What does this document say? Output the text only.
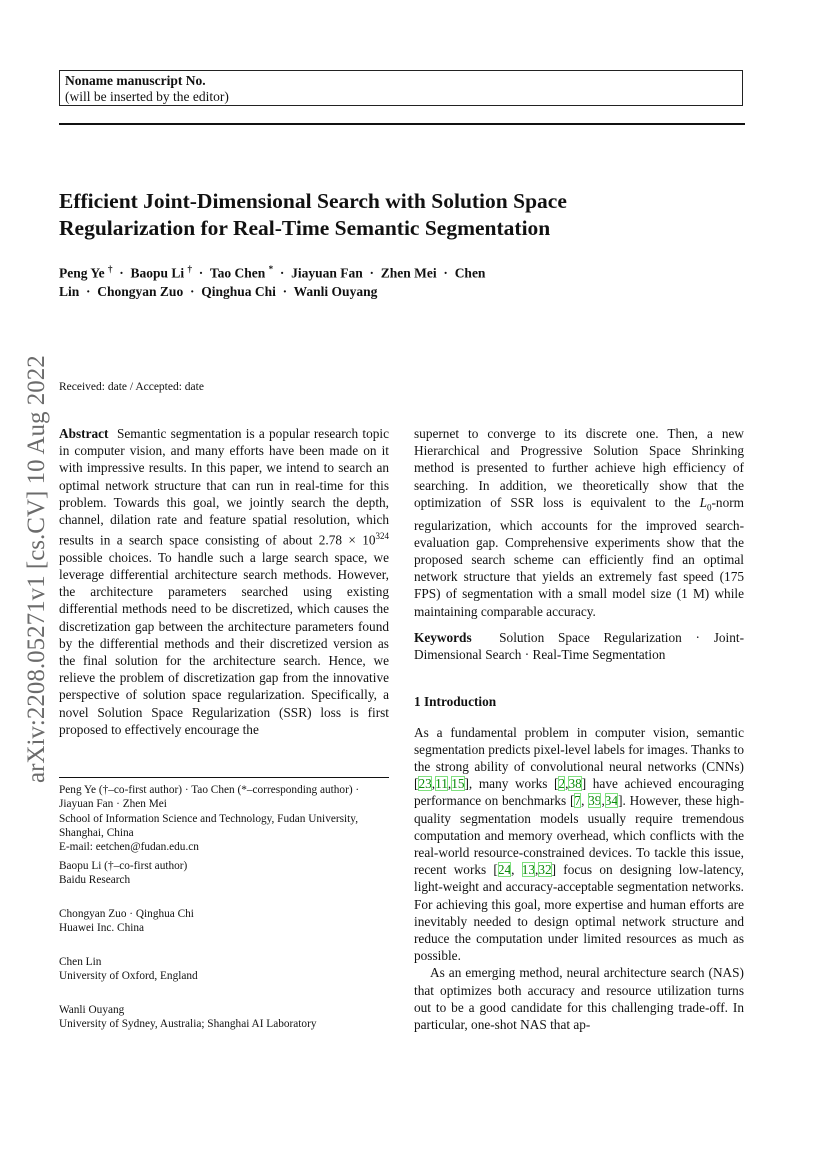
Noname manuscript No.
(will be inserted by the editor)
Efficient Joint-Dimensional Search with Solution Space
Regularization for Real-Time Semantic Segmentation
Peng Ye † · Baopu Li † · Tao Chen * · Jiayuan Fan · Zhen Mei · Chen
Lin · Chongyan Zuo · Qinghua Chi · Wanli Ouyang
arXiv:2208.05271v1 [cs.CV] 10 Aug 2022 Received: date / Accepted: date

Abstract Semantic segmentation is a popular research topic in computer vision, and many efforts have been made on it with impressive results. In this paper, we intend to search an optimal network structure that can run in real-time for this problem. Towards this goal, we jointly search the depth, channel, dilation rate and feature spatial resolution, which results in a search space consisting of about $2.78 \times 10^{324}$ possible choices. To handle such a large search space, we leverage differential architecture search methods. However, the architecture parameters searched using existing differential methods need to be discretized, which causes the discretization gap between the architecture parameters found by the differential methods and their discretized version as the final solution for the architecture search. Hence, we relieve the problem of discretization gap from the innovative perspective of solution space regularization. Specifically, a novel Solution Space Regularization (SSR) loss is first proposed to effectively encourage the

supernet to converge to its discrete one. Then, a new Hierarchical and Progressive Solution Space Shrinking method is presented to further achieve high efficiency of searching. In addition, we theoretically show that the optimization of SSR loss is equivalent to the $L_0$-norm regularization, which accounts for the improved search-evaluation gap. Comprehensive experiments show that the proposed search scheme can efficiently find an optimal network structure that yields an extremely fast speed (175 FPS) of segmentation with a small model size (1 M) while maintaining comparable accuracy.

Keywords Solution Space Regularization · Joint-Dimensional Search · Real-Time Segmentation

1 Introduction

As a fundamental problem in computer vision, semantic segmentation predicts pixel-level labels for images. Thanks to the strong ability of convolutional neural networks (CNNs) [23,11,15], many works [2,38] have achieved encouraging performance on benchmarks [7, 39,34]. However, these high-quality segmentation models usually require tremendous computation and memory overhead, which conflicts with the real-world resource-constrained devices. To tackle this issue, recent works [24, 13,32] focus on designing low-latency, light-weight and accuracy-acceptable segmentation networks. For achieving this goal, more expertise and human efforts are inevitably needed to design optimal network structure and reduce the computation under limited resources as much as possible.

As an emerging method, neural architecture search (NAS) that optimizes both accuracy and resource utilization turns out to be a good candidate for this challenging trade-off. In particular, one-shot NAS that ap-

Peng Ye (†–co-first author) · Tao Chen (*–corresponding author) · Jiayuan Fan · Zhen Mei

School of Information Science and Technology, Fudan University, Shanghai, China

E-mail: eetchen@fudan.edu.cn

Baopu Li (†–co-first author)

Baidu Research

Chongyan Zuo · Qinghua Chi

Huawei Inc. China

Chen Lin

University of Oxford, England

Wanli Ouyang

University of Sydney, Australia; Shanghai AI Laboratory
